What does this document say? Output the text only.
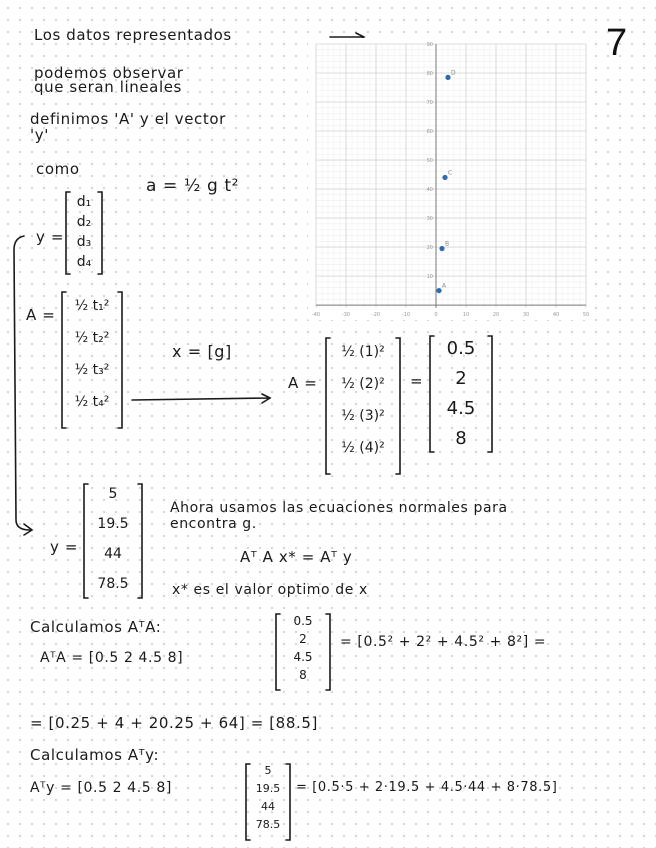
7
Los datos representados
podemos observar
que seran lineales
definimos 'A' y el vector
'y'
como
a = ½ g t²
-40	-30	-20	-10	0	10	20	30	40	50
10
20
30
40
50
60
70
80
90
A
B
C
D
y =
d₁
d₂
d₃
d₄
A =	½ t₁²
½ t₂²
½ t₃²
½ t₄²
x = [g]
A =
½ (1)²
½ (2)²
½ (3)²
½ (4)²
=
0.5
2
4.5
8
y =
5
19.5
44
78.5
Ahora usamos las ecuaciones normales para
encontra g.
Aᵀ A x* = Aᵀ y
x* es el valor optimo de x
Calculamos AᵀA:
AᵀA = [0.5 2 4.5 8]
0.5
2
4.5
8
= [0.5² + 2² + 4.5² + 8²] =
= [0.25 + 4 + 20.25 + 64] = [88.5]
Calculamos Aᵀy:
Aᵀy = [0.5 2 4.5 8]
5
19.5
44
78.5
= [0.5·5 + 2·19.5 + 4.5·44 + 8·78.5]
